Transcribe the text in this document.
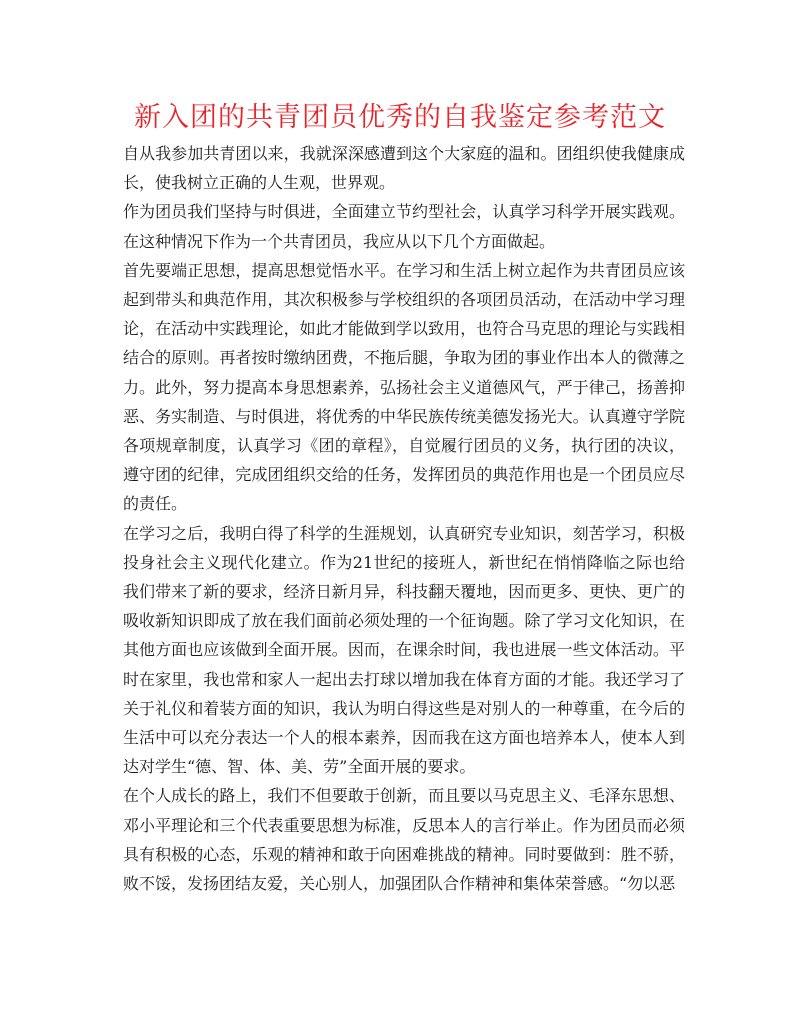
新入团的共青团员优秀的自我鉴定参考范文

自从我参加共青团以来，我就深深感遭到这个大家庭的温和。团组织使我健康成长，使我树立正确的人生观，世界观。

作为团员我们坚持与时俱进，全面建立节约型社会，认真学习科学开展实践观。在这种情况下作为一个共青团员，我应从以下几个方面做起。

首先要端正思想，提高思想觉悟水平。在学习和生活上树立起作为共青团员应该起到带头和典范作用，其次积极参与学校组织的各项团员活动，在活动中学习理论，在活动中实践理论，如此才能做到学以致用，也符合马克思的理论与实践相结合的原则。再者按时缴纳团费，不拖后腿，争取为团的事业作出本人的微薄之力。此外，努力提高本身思想素养，弘扬社会主义道德风气，严于律己，扬善抑恶、务实制造、与时俱进，将优秀的中华民族传统美德发扬光大。认真遵守学院各项规章制度，认真学习《团的章程》，自觉履行团员的义务，执行团的决议，遵守团的纪律，完成团组织交给的任务，发挥团员的典范作用也是一个团员应尽的责任。

在学习之后，我明白得了科学的生涯规划，认真研究专业知识，刻苦学习，积极投身社会主义现代化建立。作为21世纪的接班人，新世纪在悄悄降临之际也给我们带来了新的要求，经济日新月异，科技翻天覆地，因而更多、更快、更广的吸收新知识即成了放在我们面前必须处理的一个征询题。除了学习文化知识，在其他方面也应该做到全面开展。因而，在课余时间，我也进展一些文体活动。平时在家里，我也常和家人一起出去打球以增加我在体育方面的才能。我还学习了关于礼仪和着装方面的知识，我认为明白得这些是对别人的一种尊重，在今后的生活中可以充分表达一个人的根本素养，因而我在这方面也培养本人，使本人到达对学生“德、智、体、美、劳”全面开展的要求。

在个人成长的路上，我们不但要敢于创新，而且要以马克思主义、毛泽东思想、邓小平理论和三个代表重要思想为标准，反思本人的言行举止。作为团员而必须具有积极的心态，乐观的精神和敢于向困难挑战的精神。同时要做到：胜不骄，败不馁，发扬团结友爱，关心别人，加强团队合作精神和集体荣誉感。“勿以恶
